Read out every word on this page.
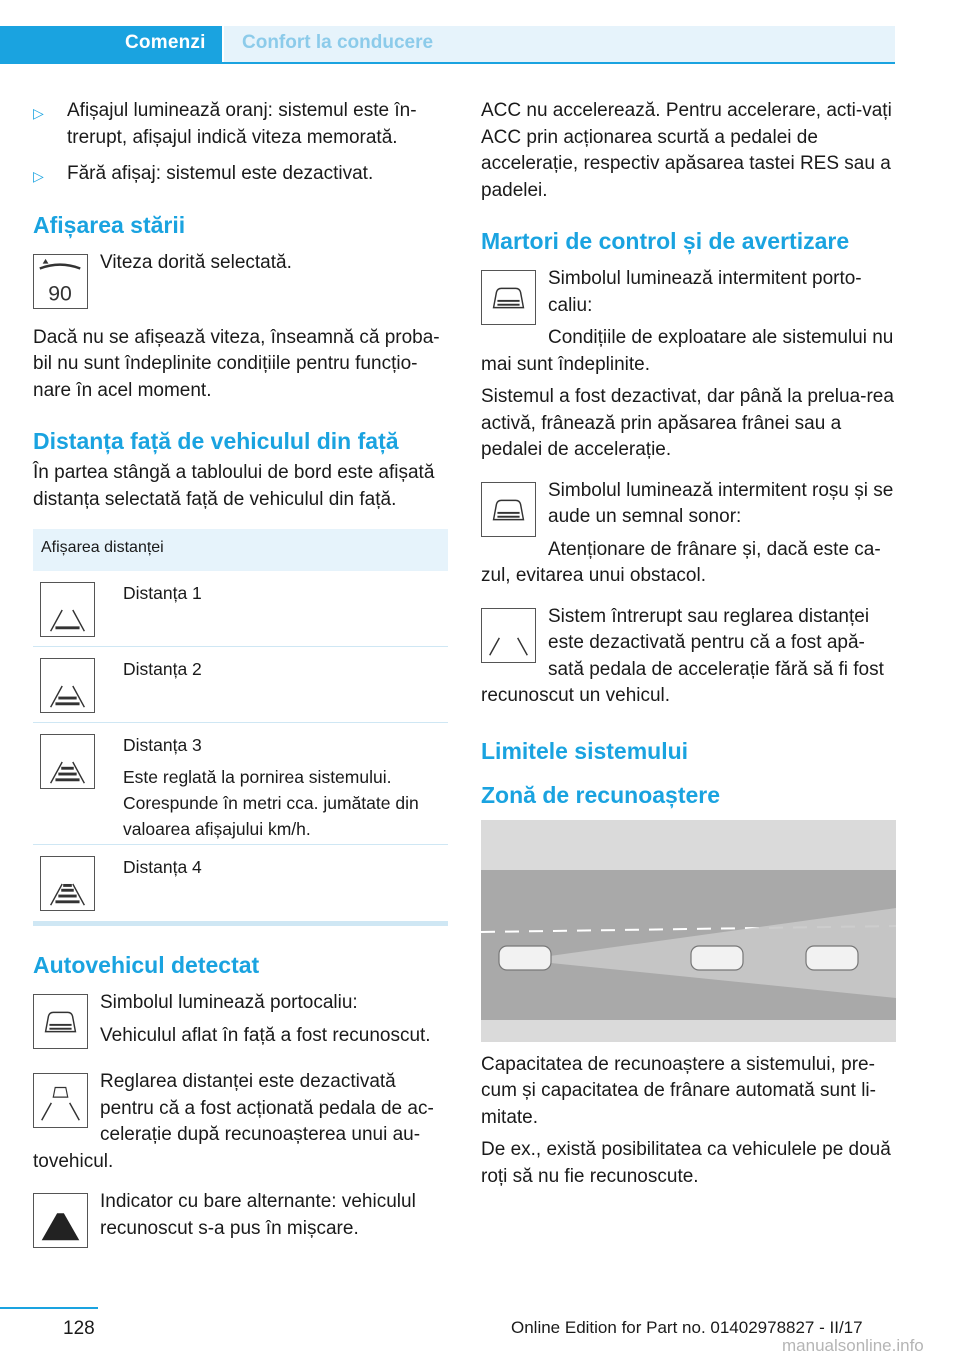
Comenzi	Confort la conducere
▷ Afișajul luminează oranj: sistemul este în-trerupt, afișajul indică viteza memorată.
▷ Fără afișaj: sistemul este dezactivat.
Afișarea stării
90

Viteza dorită selectată.

Dacă nu se afișează viteza, înseamnă că proba-bil nu sunt îndeplinite condițiile pentru funcțio-nare în acel moment.

Distanța față de vehiculul din față

În partea stângă a tabloului de bord este afișată distanța selectată față de vehiculul din față.

Afișarea distanței
Distanța 1
Distanța 2
Distanța 3
Este reglată la pornirea sistemului. Corespunde în metri cca. jumătate din valoarea afișajului km/h.
Distanța 4
Autovehicul detectat

Simbolul luminează portocaliu:

Vehiculul aflat în față a fost recunoscut.

Reglarea distanței este dezactivată pentru că a fost acționată pedala de ac-celerație după recunoașterea unui au-tovehicul.

Indicator cu bare alternante: vehiculul recunoscut s-a pus în mișcare.

ACC nu accelerează. Pentru accelerare, acti-vați ACC prin acționarea scurtă a pedalei de accelerație, respectiv apăsarea tastei RES sau a padelei.

Martori de control și de avertizare

Simbolul luminează intermitent porto-caliu:

Condițiile de exploatare ale sistemului nu mai sunt îndeplinite.

Sistemul a fost dezactivat, dar până la prelua-rea activă, frânează prin apăsarea frânei sau a pedalei de accelerație.

Simbolul luminează intermitent roșu și se aude un semnal sonor:

Atenționare de frânare și, dacă este ca-zul, evitarea unui obstacol.

Sistem întrerupt sau reglarea distanței este dezactivată pentru că a fost apă-sată pedala de accelerație fără să fi fost recunoscut un vehicul.

Limitele sistemului
Zonă de recunoaștere

Capacitatea de recunoaștere a sistemului, pre-cum și capacitatea de frânare automată sunt li-mitate.

De ex., există posibilitatea ca vehiculele pe două roți să nu fie recunoscute.

128	Online Edition for Part no. 01402978827 - II/17
manualsonline.info
